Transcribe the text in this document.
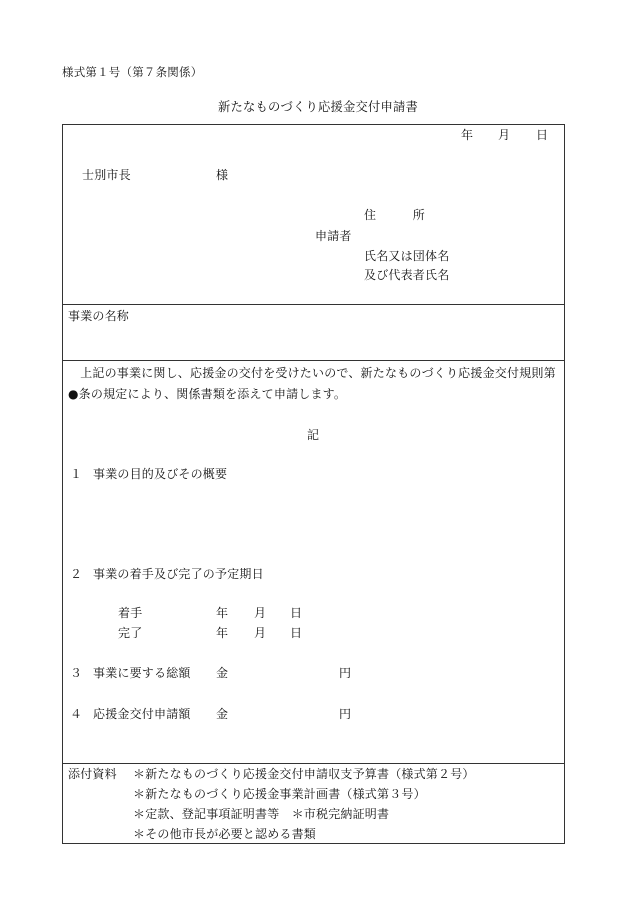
様式第１号（第７条関係）
新たなものづくり応援金交付申請書
年 月 日
士別市長	様
住　　　所
申請者
氏名又は団体名
及び代表者氏名
事業の名称
　上記の事業に関し、応援金の交付を受けたいので、新たなものづくり応援金交付規則第
●条の規定により、関係書類を添えて申請します。
記
１ 事業の目的及びその概要
２ 事業の着手及び完了の予定期日
着手	年 月 日
完了	年 月 日
３ 事業に要する総額 金	円
４ 応援金交付申請額 金	円
添付資料 ＊新たなものづくり応援金交付申請収支予算書（様式第２号）
＊新たなものづくり応援金事業計画書（様式第３号）
＊定款、登記事項証明書等　＊市税完納証明書
＊その他市長が必要と認める書類
